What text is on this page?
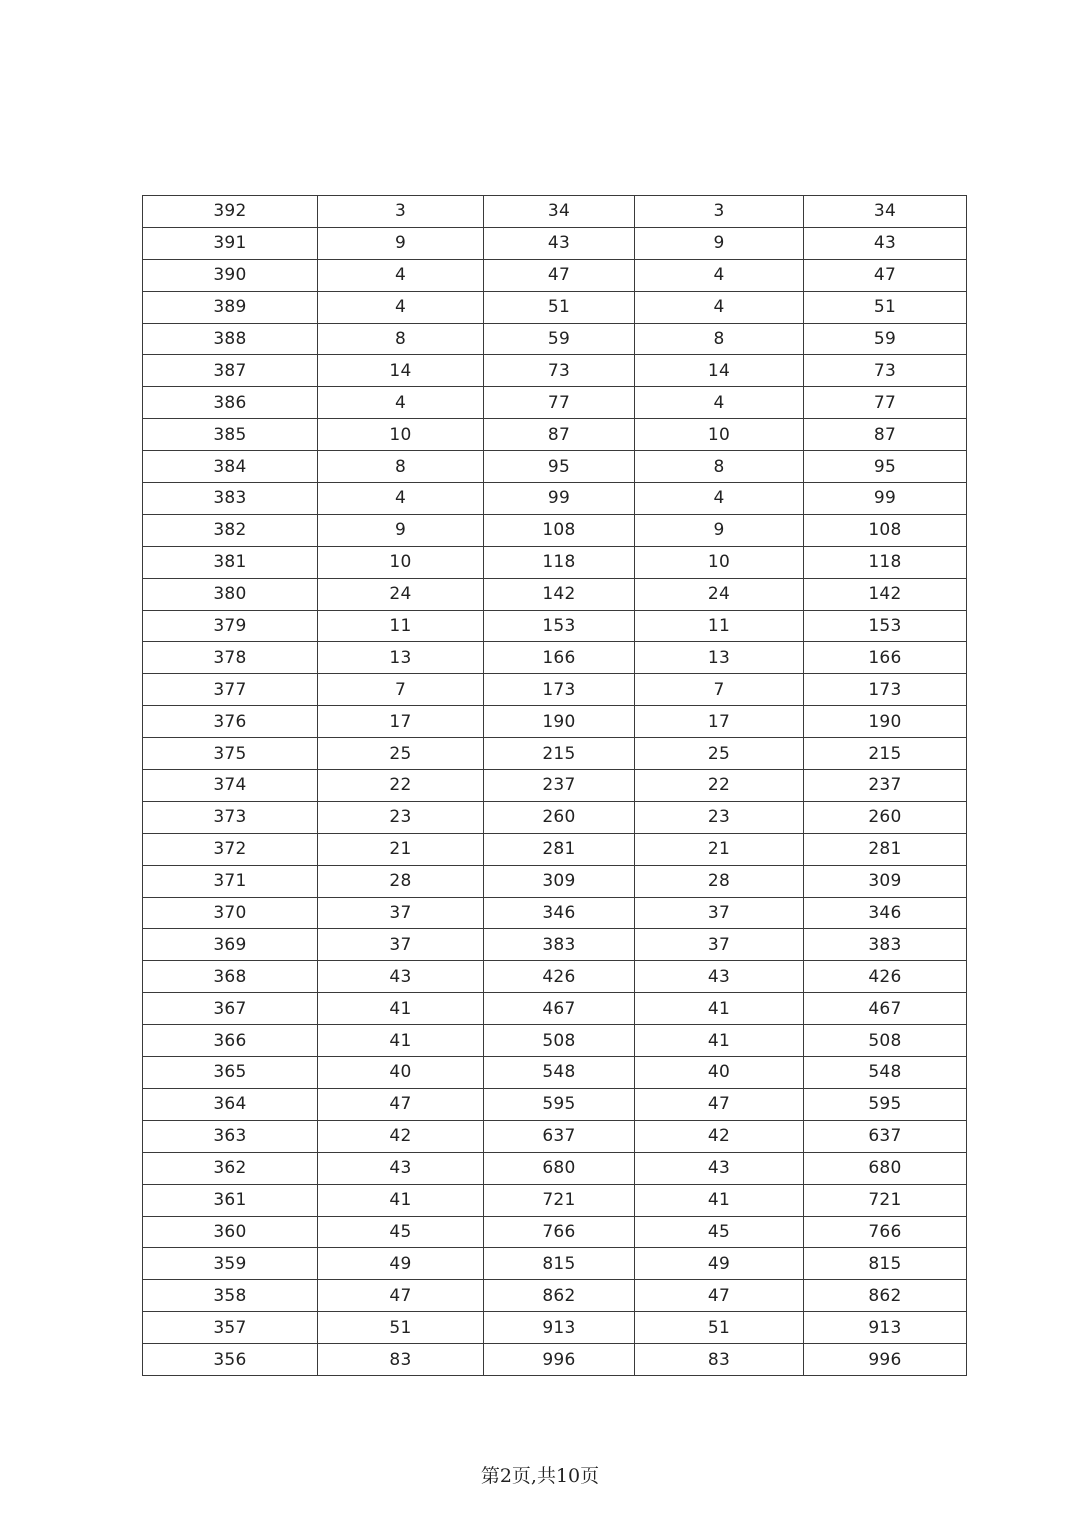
392	3	34	3	34
391	9	43	9	43
390	4	47	4	47
389	4	51	4	51
388	8	59	8	59
387	14	73	14	73
386	4	77	4	77
385	10	87	10	87
384	8	95	8	95
383	4	99	4	99
382	9	108	9	108
381	10	118	10	118
380	24	142	24	142
379	11	153	11	153
378	13	166	13	166
377	7	173	7	173
376	17	190	17	190
375	25	215	25	215
374	22	237	22	237
373	23	260	23	260
372	21	281	21	281
371	28	309	28	309
370	37	346	37	346
369	37	383	37	383
368	43	426	43	426
367	41	467	41	467
366	41	508	41	508
365	40	548	40	548
364	47	595	47	595
363	42	637	42	637
362	43	680	43	680
361	41	721	41	721
360	45	766	45	766
359	49	815	49	815
358	47	862	47	862
357	51	913	51	913
356	83	996	83	996
第2页,共10页
